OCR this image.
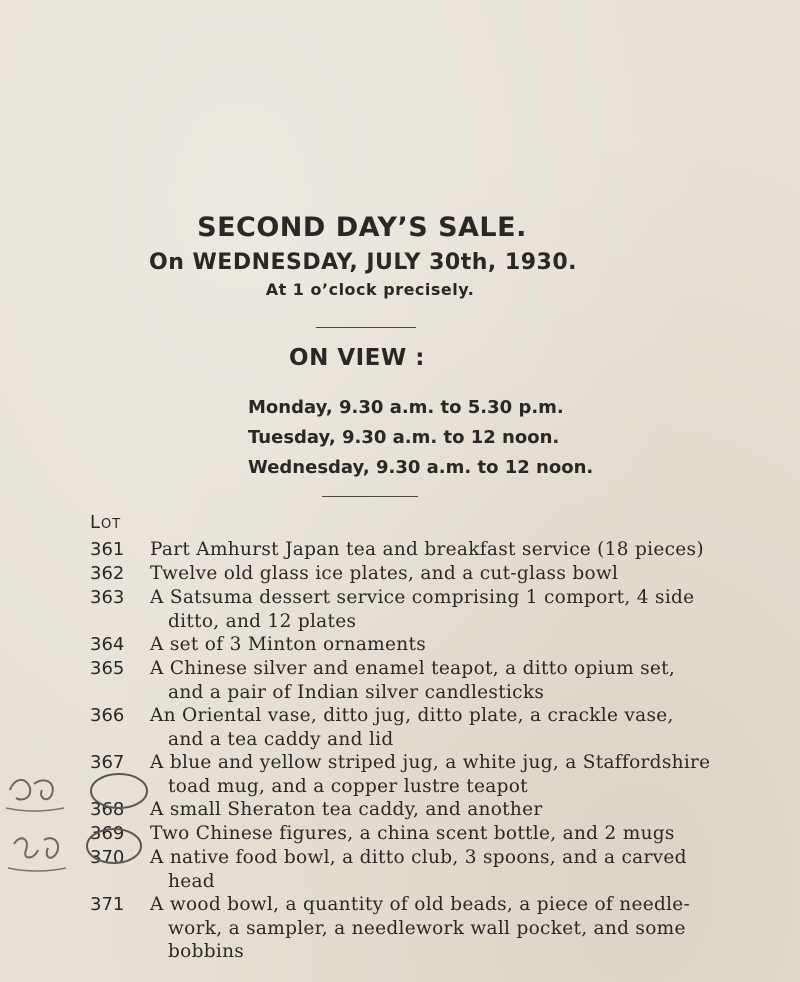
SECOND DAY’S SALE.
On WEDNESDAY, JULY 30th, 1930.
At 1 o’clock precisely.
ON VIEW :
Monday, 9.30 a.m. to 5.30 p.m.
Tuesday, 9.30 a.m. to 12 noon.
Wednesday, 9.30 a.m. to 12 noon.
Lot
361	Part Amhurst Japan tea and breakfast service (18 pieces)
362	Twelve old glass ice plates, and a cut-glass bowl
363	A Satsuma dessert service comprising 1 comport, 4 side
ditto, and 12 plates
364	A set of 3 Minton ornaments
365	A Chinese silver and enamel teapot, a ditto opium set,
and a pair of Indian silver candlesticks
366	An Oriental vase, ditto jug, ditto plate, a crackle vase,
and a tea caddy and lid
367	A blue and yellow striped jug, a white jug, a Staffordshire
toad mug, and a copper lustre teapot
368	A small Sheraton tea caddy, and another
369	Two Chinese figures, a china scent bottle, and 2 mugs
370	A native food bowl, a ditto club, 3 spoons, and a carved
head
371	A wood bowl, a quantity of old beads, a piece of needle-
work, a sampler, a needlework wall pocket, and some
bobbins
